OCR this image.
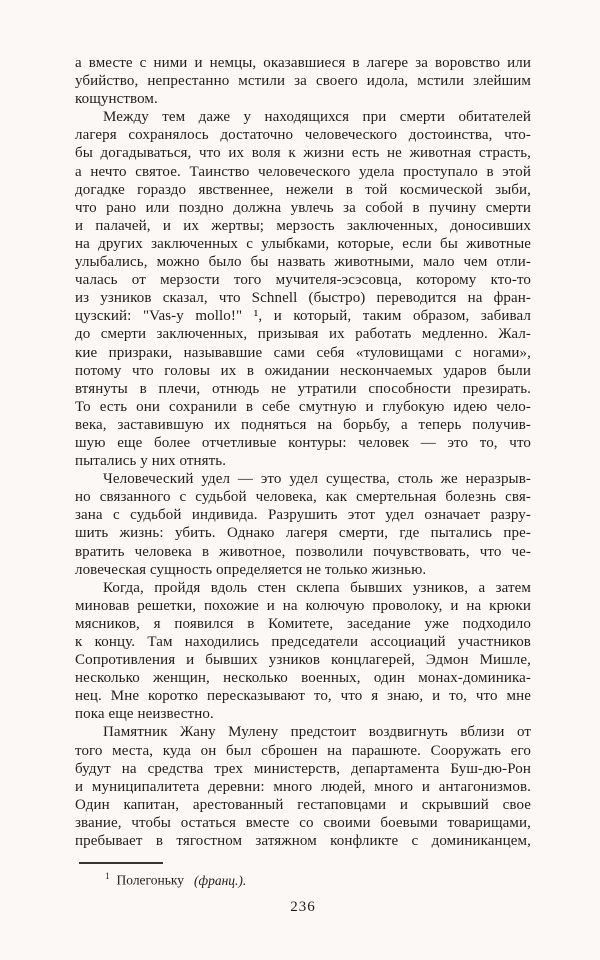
а вместе с ними и немцы, оказавшиеся в лагере за воровство или
убийство, непрестанно мстили за своего идола, мстили злейшим
кощунством.
Между тем даже у находящихся при смерти обитателей
лагеря сохранялось достаточно человеческого достоинства, что-
бы догадываться, что их воля к жизни есть не животная страсть,
а нечто святое. Таинство человеческого удела проступало в этой
догадке гораздо явственнее, нежели в той космической зыби,
что рано или поздно должна увлечь за собой в пучину смерти
и палачей, и их жертвы; мерзость заключенных, доносивших
на других заключенных с улыбками, которые, если бы животные
улыбались, можно было бы назвать животными, мало чем отли-
чалась от мерзости того мучителя-эсэсовца, которому кто-то
из узников сказал, что Schnell (быстро) переводится на фран-
цузский: "Vas-y mollo!" ¹, и который, таким образом, забивал
до смерти заключенных, призывая их работать медленно. Жал-
кие призраки, называвшие сами себя «туловищами с ногами»,
потому что головы их в ожидании нескончаемых ударов были
втянуты в плечи, отнюдь не утратили способности презирать.
То есть они сохранили в себе смутную и глубокую идею чело-
века, заставившую их подняться на борьбу, а теперь получив-
шую еще более отчетливые контуры: человек — это то, что
пытались у них отнять.
Человеческий удел — это удел существа, столь же неразрыв-
но связанного с судьбой человека, как смертельная болезнь свя-
зана с судьбой индивида. Разрушить этот удел означает разру-
шить жизнь: убить. Однако лагеря смерти, где пытались пре-
вратить человека в животное, позволили почувствовать, что че-
ловеческая сущность определяется не только жизнью.
Когда, пройдя вдоль стен склепа бывших узников, а затем
миновав решетки, похожие и на колючую проволоку, и на крюки
мясников, я появился в Комитете, заседание уже подходило
к концу. Там находились председатели ассоциаций участников
Сопротивления и бывших узников концлагерей, Эдмон Мишле,
несколько женщин, несколько военных, один монах-доминика-
нец. Мне коротко пересказывают то, что я знаю, и то, что мне
пока еще неизвестно.
Памятник Жану Мулену предстоит воздвигнуть вблизи от
того места, куда он был сброшен на парашюте. Сооружать его
будут на средства трех министерств, департамента Буш-дю-Рон
и муниципалитета деревни: много людей, много и антагонизмов.
Один капитан, арестованный гестаповцами и скрывший свое
звание, чтобы остаться вместе со своими боевыми товарищами,
пребывает в тягостном затяжном конфликте с доминиканцем,
$^1$ Полегоньку (франц.).
236
